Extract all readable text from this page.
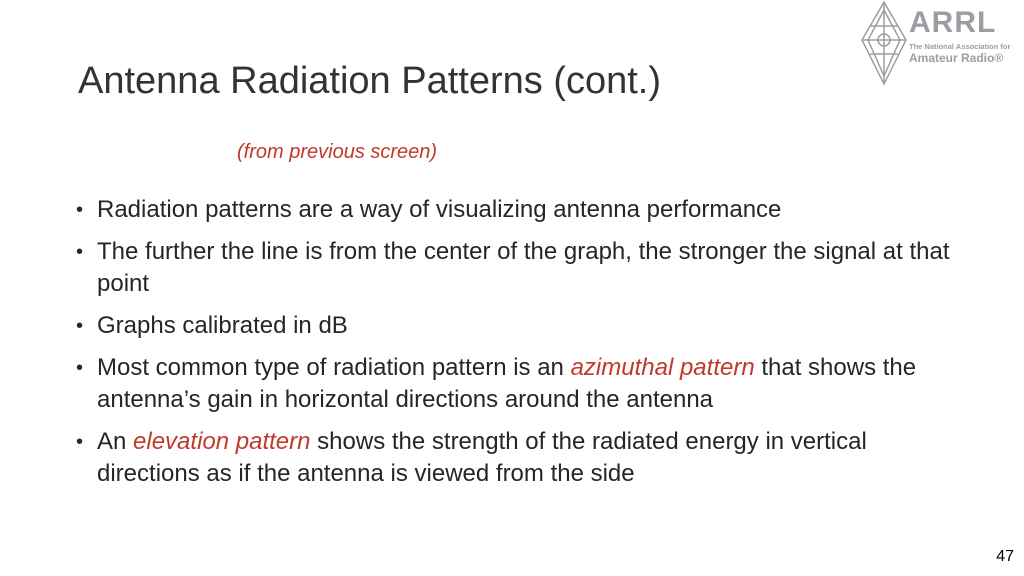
ARRL
The National Association for
Amateur Radio®
Antenna Radiation Patterns (cont.)
(from previous screen)
• Radiation patterns are a way of visualizing antenna performance
• The further the line is from the center of the graph, the stronger the signal at that point
• Graphs calibrated in dB
• Most common type of radiation pattern is an azimuthal pattern that shows the antenna’s gain in horizontal directions around the antenna
• An elevation pattern shows the strength of the radiated energy in vertical directions as if the antenna is viewed from the side
47
